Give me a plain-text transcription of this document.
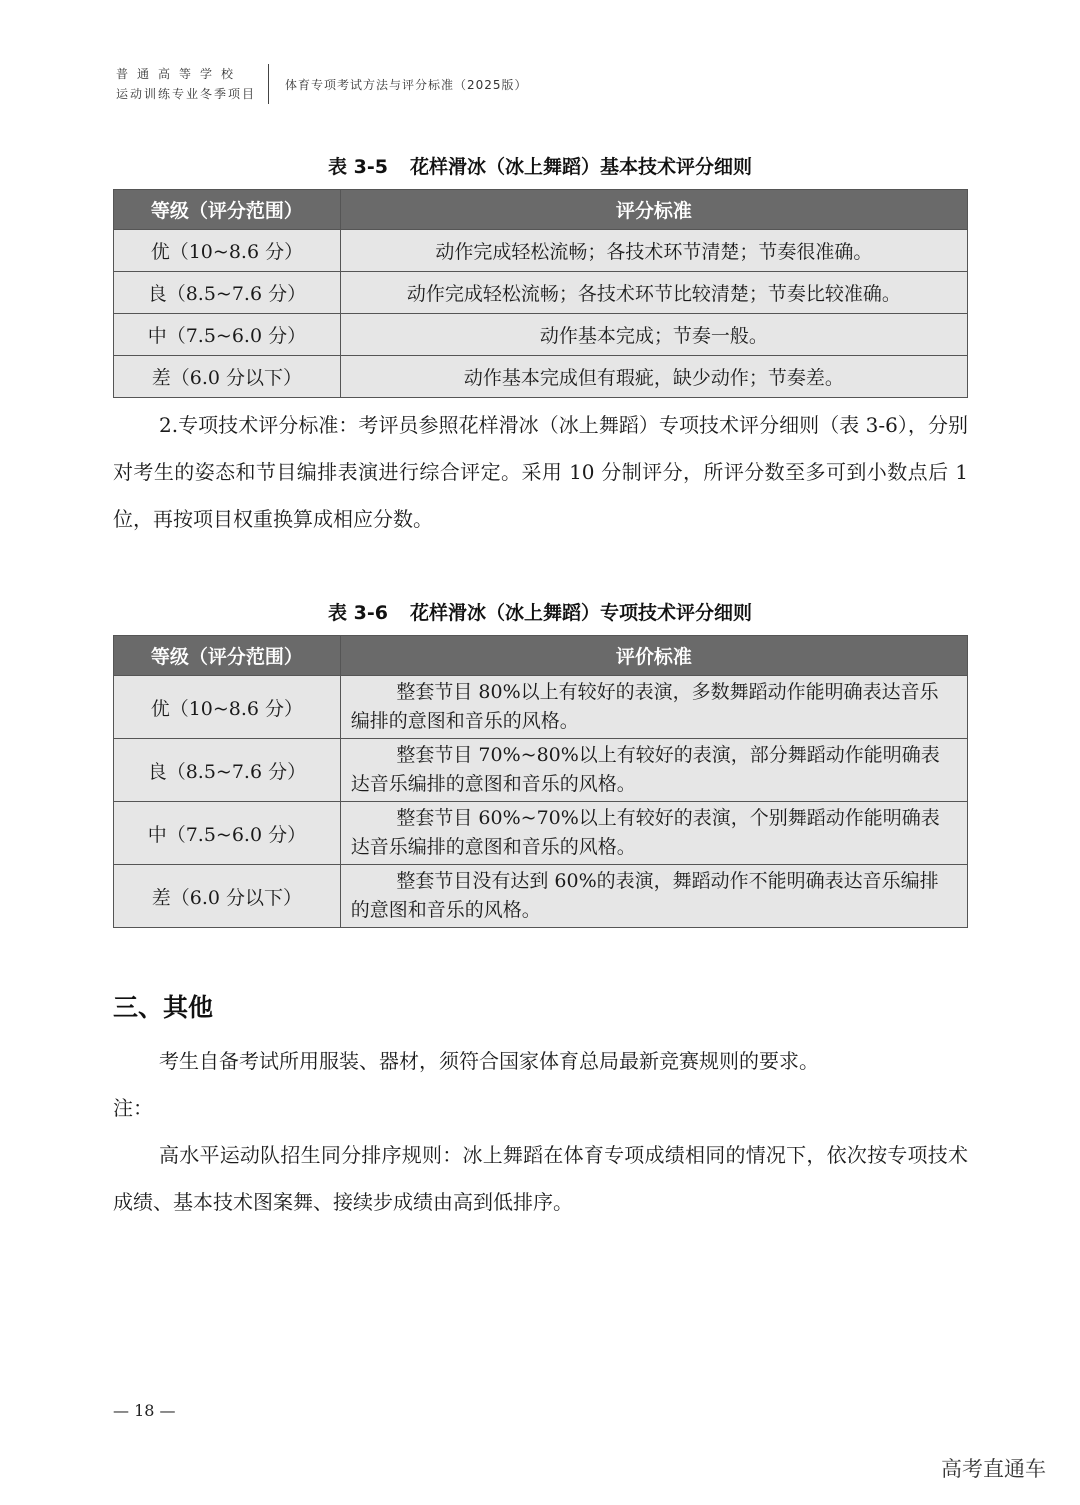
普通高等学校
运动训练专业冬季项目
体育专项考试方法与评分标准（2025版）
表 3-5 花样滑冰（冰上舞蹈）基本技术评分细则
等级（评分范围）	评分标准
优（10~8.6 分）	动作完成轻松流畅；各技术环节清楚；节奏很准确。
良（8.5~7.6 分）	动作完成轻松流畅；各技术环节比较清楚；节奏比较准确。
中（7.5~6.0 分）	动作基本完成；节奏一般。
差（6.0 分以下）	动作基本完成但有瑕疵，缺少动作；节奏差。

2.专项技术评分标准：考评员参照花样滑冰（冰上舞蹈）专项技术评分细则（表 3-6），分别对考生的姿态和节目编排表演进行综合评定。采用 10 分制评分，所评分数至多可到小数点后 1 位，再按项目权重换算成相应分数。

表 3-6 花样滑冰（冰上舞蹈）专项技术评分细则
等级（评分范围）	评价标准
优（10~8.6 分）	整套节目 80%以上有较好的表演，多数舞蹈动作能明确表达音乐编排的意图和音乐的风格。
良（8.5~7.6 分）	整套节目 70%~80%以上有较好的表演，部分舞蹈动作能明确表达音乐编排的意图和音乐的风格。
中（7.5~6.0 分）	整套节目 60%~70%以上有较好的表演，个别舞蹈动作能明确表达音乐编排的意图和音乐的风格。
差（6.0 分以下）	整套节目没有达到 60%的表演，舞蹈动作不能明确表达音乐编排的意图和音乐的风格。
三、其他

考生自备考试所用服装、器材，须符合国家体育总局最新竞赛规则的要求。

注：

高水平运动队招生同分排序规则：冰上舞蹈在体育专项成绩相同的情况下，依次按专项技术成绩、基本技术图案舞、接续步成绩由高到低排序。

— 18 —
高考直通车
